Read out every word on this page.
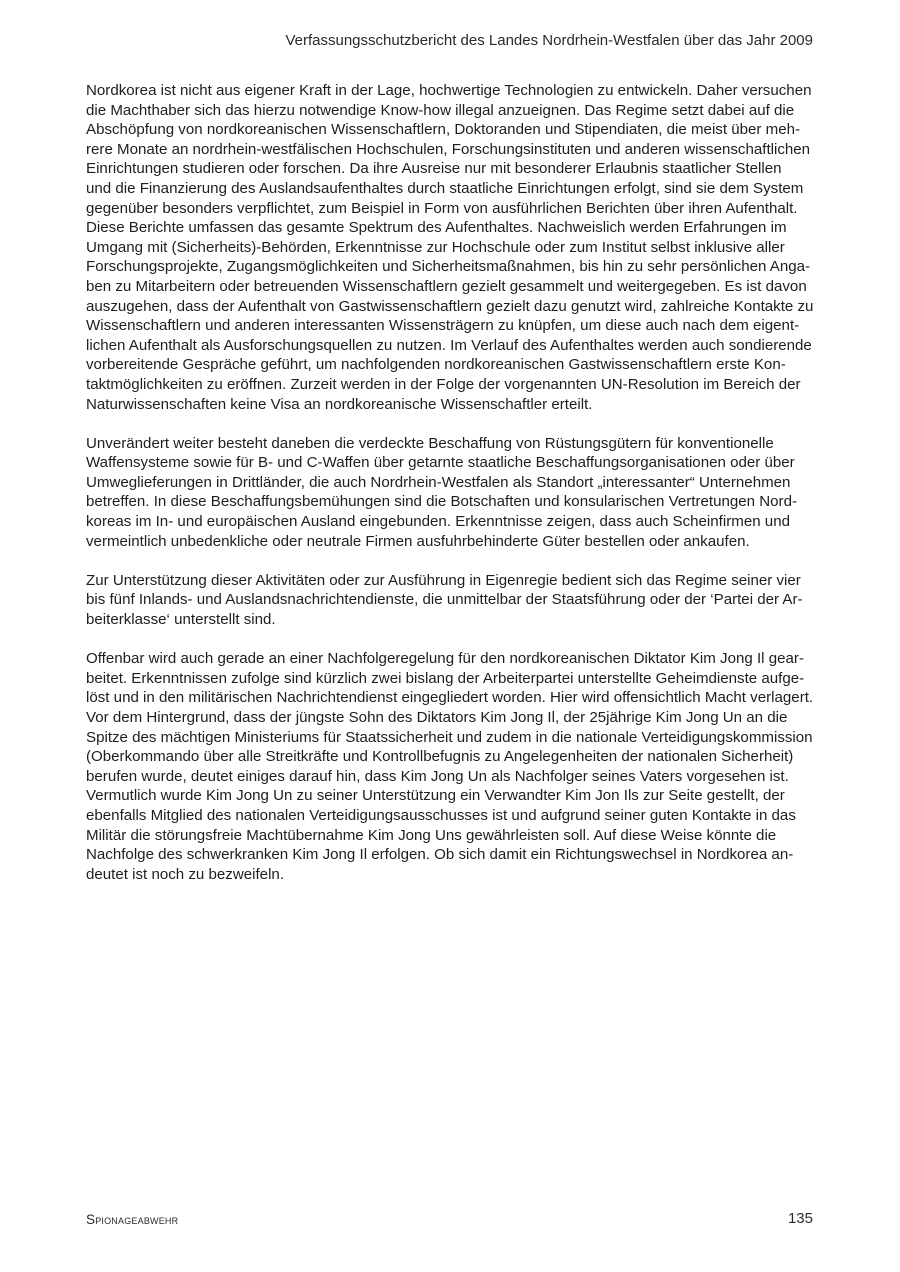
Verfassungsschutzbericht des Landes Nordrhein-Westfalen über das Jahr 2009

Nordkorea ist nicht aus eigener Kraft in der Lage, hochwertige Technologien zu entwickeln. Daher versuchen
die Machthaber sich das hierzu notwendige Know-how illegal anzueignen. Das Regime setzt dabei auf die
Abschöpfung von nordkoreanischen Wissenschaftlern, Doktoranden und Stipendiaten, die meist über meh-
rere Monate an nordrhein-westfälischen Hochschulen, Forschungsinstituten und anderen wissenschaftlichen
Einrichtungen studieren oder forschen. Da ihre Ausreise nur mit besonderer Erlaubnis staatlicher Stellen
und die Finanzierung des Auslandsaufenthaltes durch staatliche Einrichtungen erfolgt, sind sie dem System
gegenüber besonders verpflichtet, zum Beispiel in Form von ausführlichen Berichten über ihren Aufenthalt.
Diese Berichte umfassen das gesamte Spektrum des Aufenthaltes. Nachweislich werden Erfahrungen im
Umgang mit (Sicherheits)-Behörden, Erkenntnisse zur Hochschule oder zum Institut selbst inklusive aller
Forschungsprojekte, Zugangsmöglichkeiten und Sicherheitsmaßnahmen, bis hin zu sehr persönlichen Anga-
ben zu Mitarbeitern oder betreuenden Wissenschaftlern gezielt gesammelt und weitergegeben. Es ist davon
auszugehen, dass der Aufenthalt von Gastwissenschaftlern gezielt dazu genutzt wird, zahlreiche Kontakte zu
Wissenschaftlern und anderen interessanten Wissensträgern zu knüpfen, um diese auch nach dem eigent-
lichen Aufenthalt als Ausforschungsquellen zu nutzen. Im Verlauf des Aufenthaltes werden auch sondierende
vorbereitende Gespräche geführt, um nachfolgenden nordkoreanischen Gastwissenschaftlern erste Kon-
taktmöglichkeiten zu eröffnen. Zurzeit werden in der Folge der vorgenannten UN-Resolution im Bereich der
Naturwissenschaften keine Visa an nordkoreanische Wissenschaftler erteilt.

Unverändert weiter besteht daneben die verdeckte Beschaffung von Rüstungsgütern für konventionelle
Waffensysteme sowie für B- und C-Waffen über getarnte staatliche Beschaffungsorganisationen oder über
Umweglieferungen in Drittländer, die auch Nordrhein-Westfalen als Standort „interessanter“ Unternehmen
betreffen. In diese Beschaffungsbemühungen sind die Botschaften und konsularischen Vertretungen Nord-
koreas im In- und europäischen Ausland eingebunden. Erkenntnisse zeigen, dass auch Scheinfirmen und
vermeintlich unbedenkliche oder neutrale Firmen ausfuhrbehinderte Güter bestellen oder ankaufen.

Zur Unterstützung dieser Aktivitäten oder zur Ausführung in Eigenregie bedient sich das Regime seiner vier
bis fünf Inlands- und Auslandsnachrichtendienste, die unmittelbar der Staatsführung oder der ‘Partei der Ar-
beiterklasse‘ unterstellt sind.

Offenbar wird auch gerade an einer Nachfolgeregelung für den nordkoreanischen Diktator Kim Jong Il gear-
beitet. Erkenntnissen zufolge sind kürzlich zwei bislang der Arbeiterpartei unterstellte Geheimdienste aufge-
löst und in den militärischen Nachrichtendienst eingegliedert worden. Hier wird offensichtlich Macht verlagert.
Vor dem Hintergrund, dass der jüngste Sohn des Diktators Kim Jong Il, der 25jährige Kim Jong Un an die
Spitze des mächtigen Ministeriums für Staatssicherheit und zudem in die nationale Verteidigungskommission
(Oberkommando über alle Streitkräfte und Kontrollbefugnis zu Angelegenheiten der nationalen Sicherheit)
berufen wurde, deutet einiges darauf hin, dass Kim Jong Un als Nachfolger seines Vaters vorgesehen ist.
Vermutlich wurde Kim Jong Un zu seiner Unterstützung ein Verwandter Kim Jon Ils zur Seite gestellt, der
ebenfalls Mitglied des nationalen Verteidigungsausschusses ist und aufgrund seiner guten Kontakte in das
Militär die störungsfreie Machtübernahme Kim Jong Uns gewährleisten soll. Auf diese Weise könnte die
Nachfolge des schwerkranken Kim Jong Il erfolgen. Ob sich damit ein Richtungswechsel in Nordkorea an-
deutet ist noch zu bezweifeln.

Spionageabwehr	135
